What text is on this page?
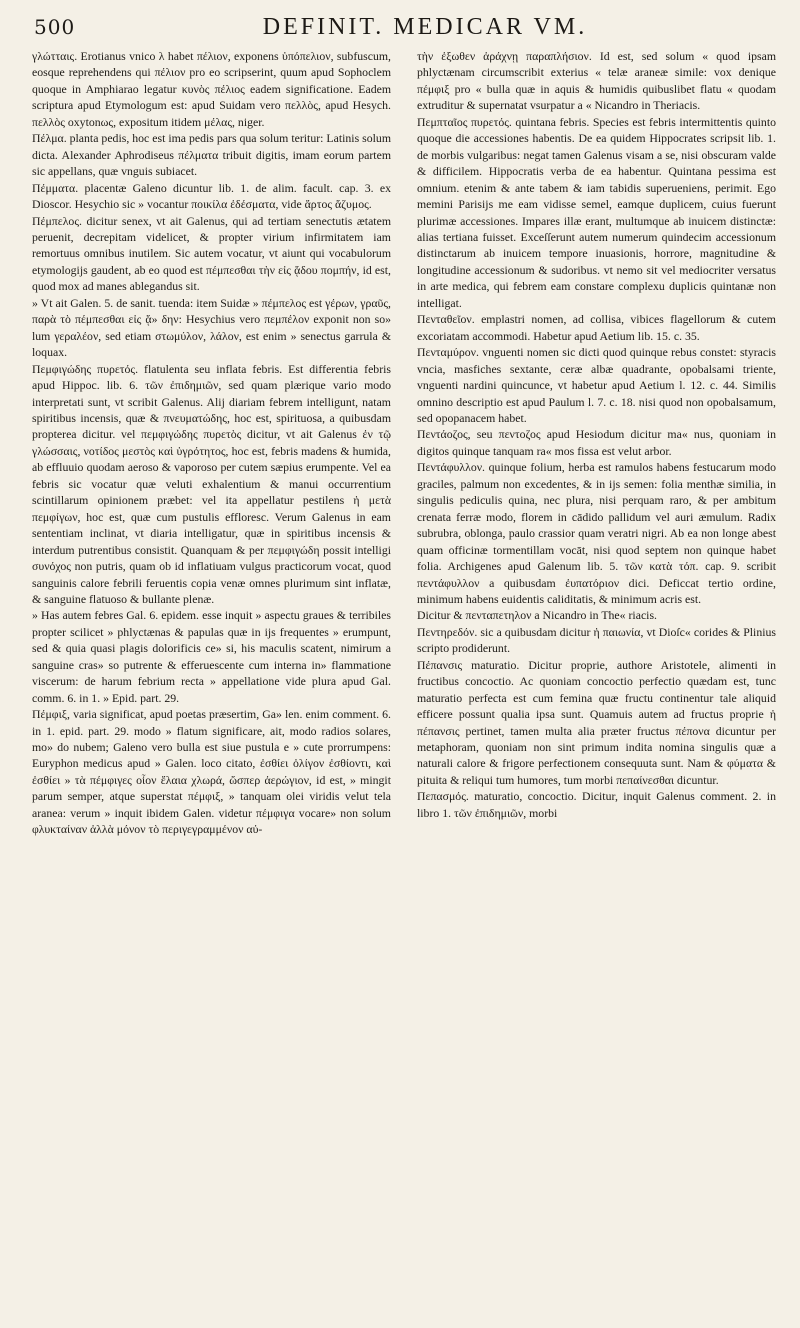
500	DEFINIT. MEDICAR VM.

γλώτταις. Erotianus vnico λ habet πέλιον, exponens ὑπόπελιον, subfuscum, eosque reprehendens qui πέλιον pro eo scripserint, quum apud Sophoclem quoque in Amphiarao legatur κυνὸς πέλιος eadem significatione. Eadem scriptura apud Etymologum est: apud Suidam vero πελλὸς, apud Hesych. πελλὸς oxytonως, expositum itidem μέλας, niger.

Πέλμα. planta pedis, hoc est ima pedis pars qua solum teritur: Latinis solum dicta. Alexander Aphrodiseus πέλματα tribuit digitis, imam eorum partem sic appellans, quæ vnguis subiacet.

Πέμματα. placentæ Galeno dicuntur lib. 1. de alim. facult. cap. 3. ex Dioscor. Hesychio sic » vocantur ποικίλα ἐδέσματα, vide ἄρτος ἄζυμος.

Πέμπελος. dicitur senex, vt ait Galenus, qui ad tertiam senectutis ætatem peruenit, decrepitam videlicet, & propter virium infirmitatem iam remortuus omnibus inutilem. Sic autem vocatur, vt aiunt qui vocabulorum etymologijs gaudent, ab eo quod est πέμπεσθαι τὴν εἰς ᾅδου πομπήν, id est, quod mox ad manes ablegandus sit.

» Vt ait Galen. 5. de sanit. tuenda: item Suidæ » πέμπελος est γέρων, γραῦς, παρὰ τὸ πέμπεσθαι εἰς ᾅ» δην: Hesychius vero πεμπέλον exponit non so» lum γεραλέον, sed etiam στωμύλον, λάλον, est enim » senectus garrula & loquax.

Πεμφιγώδης πυρετός. flatulenta seu inflata febris. Est differentia febris apud Hippoc. lib. 6. τῶν ἐπιδημιῶν, sed quam plærique vario modo interpretati sunt, vt scribit Galenus. Alij diariam febrem intelligunt, natam spiritibus incensis, quæ & πνευματώδης, hoc est, spirituosa, a quibusdam propterea dicitur. vel πεμφιγώδης πυρετὸς dicitur, vt ait Galenus ἐν τῷ γλώσσαις, νοτίδος μεστὸς καὶ ὑγρότητος, hoc est, febris madens & humida, ab effluuio quodam aeroso & vaporoso per cutem sæpius erumpente. Vel ea febris sic vocatur quæ veluti exhalentium & manui occurrentium scintillarum opinionem præbet: vel ita appellatur pestilens ἡ μετὰ πεμφίγων, hoc est, quæ cum pustulis effloresc. Verum Galenus in eam sententiam inclinat, vt diaria intelligatur, quæ in spiritibus incensis & interdum putrentibus consistit. Quanquam & per πεμφιγώδη possit intelligi συνόχος non putris, quam ob id inflatiuam vulgus practicorum vocat, quod sanguinis calore febrili feruentis copia venæ omnes plurimum sint inflatæ, & sanguine flatuoso & bullante plenæ.

» Has autem febres Gal. 6. epidem. esse inquit » aspectu graues & terribiles propter scilicet » phlyctænas & papulas quæ in ijs frequentes » erumpunt, sed & quia quasi plagis dolorificis ce» si, his maculis scatent, nimirum a sanguine cras» so putrente & efferuescente cum interna in» flammatione viscerum: de harum febrium recta » appellatione vide plura apud Gal. comm. 6. in 1. » Epid. part. 29.

Πέμφιξ, varia significat, apud poetas præsertim, Ga» len. enim comment. 6. in 1. epid. part. 29. modo » flatum significare, ait, modo radios solares, mo» do nubem; Galeno vero bulla est siue pustula e » cute prorrumpens: Euryphon medicus apud » Galen. loco citato, ἐσθίει ὀλίγον ἐσθίοντι, καὶ ἐσθίει » τὰ πέμφιγες οἷον ἔλαια χλωρά, ὥσπερ ἀερώγιον, id est, » mingit parum semper, atque superstat πέμφιξ, » tanquam olei viridis velut tela aranea: verum » inquit ibidem Galen. videtur πέμφιγα vocare» non solum φλυκταίναν ἀλλὰ μόνον τὸ περιγεγραμμένον αὐ-

τὴν ἐξωθεν ἀράχνῃ παραπλήσιον. Id est, sed solum « quod ipsam phlyctænam circumscribit exterius « telæ araneæ simile: vox denique πέμφιξ pro « bulla quæ in aquis & humidis quibuslibet flatu « quodam extruditur & supernatat vsurpatur a « Nicandro in Theriacis.

Πεμπταῖος πυρετός. quintana febris. Species est febris intermittentis quinto quoque die accessiones habentis. De ea quidem Hippocrates scripsit lib. 1. de morbis vulgaribus: negat tamen Galenus visam a se, nisi obscuram valde & difficilem. Hippocratis verba de ea habentur. Quintana pessima est omnium. etenim & ante tabem & iam tabidis superueniens, perimit. Ego memini Parisijs me eam vidisse semel, eamque duplicem, cuius fuerunt plurimæ accessiones. Impares illæ erant, multumque ab inuicem distinctæ: alias tertiana fuisset. Exceſſerunt autem numerum quindecim accessionum distinctarum ab inuicem tempore inuasionis, horrore, magnitudine & longitudine accessionum & sudoribus. vt nemo sit vel mediocriter versatus in arte medica, qui febrem eam constare complexu duplicis quintanæ non intelligat.

Πενταθεῖον. emplastri nomen, ad collisa, vibices flagellorum & cutem excoriatam accommodi. Habetur apud Aetium lib. 15. c. 35.

Πενταμύρον. vnguenti nomen sic dicti quod quinque rebus constet: styracis vncia, masfiches sextante, ceræ albæ quadrante, opobalsami triente, vnguenti nardini quincunce, vt habetur apud Aetium l. 12. c. 44. Similis omnino descriptio est apud Paulum l. 7. c. 18. nisi quod non opobalsamum, sed opopanacem habet.

Πεντάοζος, seu πεντοζος apud Hesiodum dicitur ma« nus, quoniam in digitos quinque tanquam ra« mos fissa est velut arbor.

Πεντάφυλλον. quinque folium, herba est ramulos habens festucarum modo graciles, palmum non excedentes, & in ijs semen: folia menthæ similia, in singulis pediculis quina, nec plura, nisi perquam raro, & per ambitum crenata ferræ modo, florem in cādido pallidum vel auri æmulum. Radix subrubra, oblonga, paulo crassior quam veratri nigri. Ab ea non longe abest quam officinæ tormentillam vocāt, nisi quod septem non quinque habet folia. Archigenes apud Galenum lib. 5. τῶν κατὰ τόπ. cap. 9. scribit πεντάφυλλον a quibusdam ἐυπατόριον dici. Deficcat tertio ordine, minimum habens euidentis caliditatis, & minimum acris est.

Dicitur & πενταπετηλον a Nicandro in The« riacis.

Πεντηρεδόν. sic a quibusdam dicitur ἡ παιωνία, vt Dioſc« corides & Plinius scripto prodiderunt.

Πέπανσις maturatio. Dicitur proprie, authore Aristotele, alimenti in fructibus concoctio. Ac quoniam concoctio perfectio quædam est, tunc maturatio perfecta est cum femina quæ fructu continentur tale aliquid efficere possunt qualia ipsa sunt. Quamuis autem ad fructus proprie ἡ πέπανσις pertinet, tamen multa alia præter fructus πέπονα dicuntur per metaphoram, quoniam non sint primum indita nomina singulis quæ a naturali calore & frigore perfectionem consequuta sunt. Nam & φύματα & pituita & reliqui tum humores, tum morbi πεπαίνεσθαι dicuntur.

Πεπασμός. maturatio, concoctio. Dicitur, inquit Galenus comment. 2. in libro 1. τῶν ἐπιδημιῶν, morbi
